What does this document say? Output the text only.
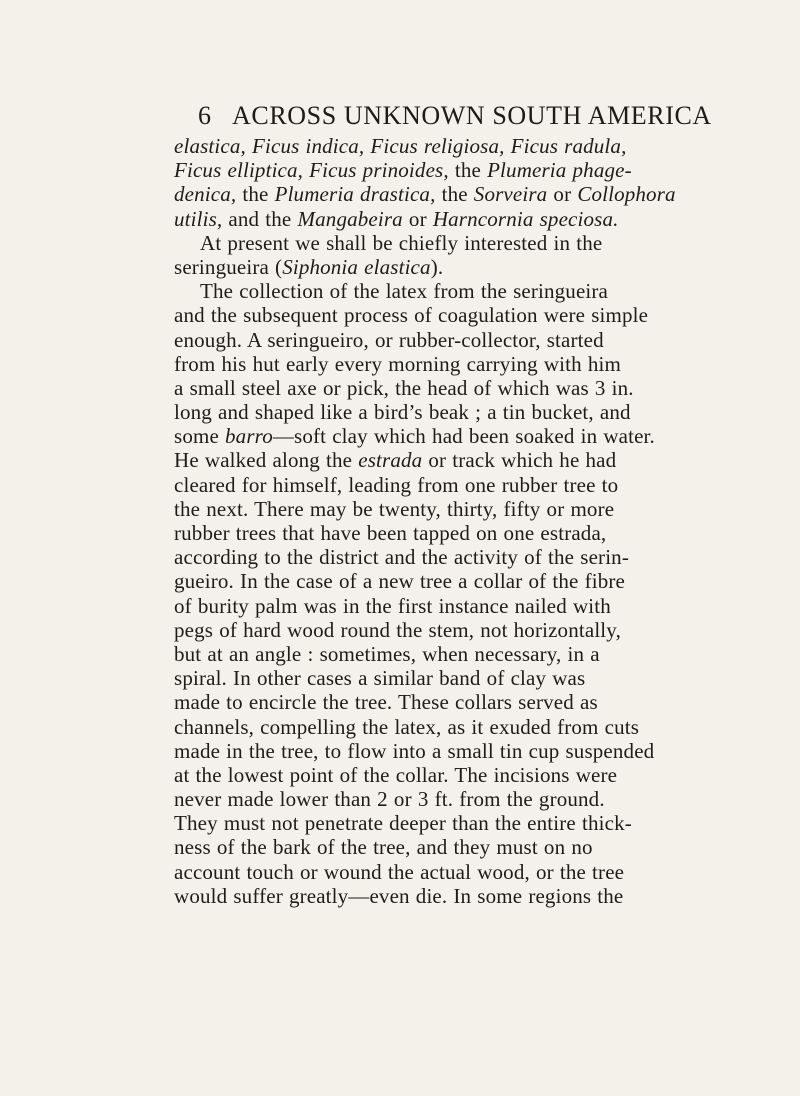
6 ACROSS UNKNOWN SOUTH AMERICA
elastica, Ficus indica, Ficus religiosa, Ficus radula,
Ficus elliptica, Ficus prinoides, the Plumeria phage-
denica, the Plumeria drastica, the Sorveira or Collophora
utilis, and the Mangabeira or Harncornia speciosa.
At present we shall be chiefly interested in the
seringueira (Siphonia elastica).
The collection of the latex from the seringueira
and the subsequent process of coagulation were simple
enough. A seringueiro, or rubber-collector, started
from his hut early every morning carrying with him
a small steel axe or pick, the head of which was 3 in.
long and shaped like a bird’s beak ; a tin bucket, and
some barro—soft clay which had been soaked in water.
He walked along the estrada or track which he had
cleared for himself, leading from one rubber tree to
the next. There may be twenty, thirty, fifty or more
rubber trees that have been tapped on one estrada,
according to the district and the activity of the serin-
gueiro. In the case of a new tree a collar of the fibre
of burity palm was in the first instance nailed with
pegs of hard wood round the stem, not horizontally,
but at an angle : sometimes, when necessary, in a
spiral. In other cases a similar band of clay was
made to encircle the tree. These collars served as
channels, compelling the latex, as it exuded from cuts
made in the tree, to flow into a small tin cup suspended
at the lowest point of the collar. The incisions were
never made lower than 2 or 3 ft. from the ground.
They must not penetrate deeper than the entire thick-
ness of the bark of the tree, and they must on no
account touch or wound the actual wood, or the tree
would suffer greatly—even die. In some regions the
